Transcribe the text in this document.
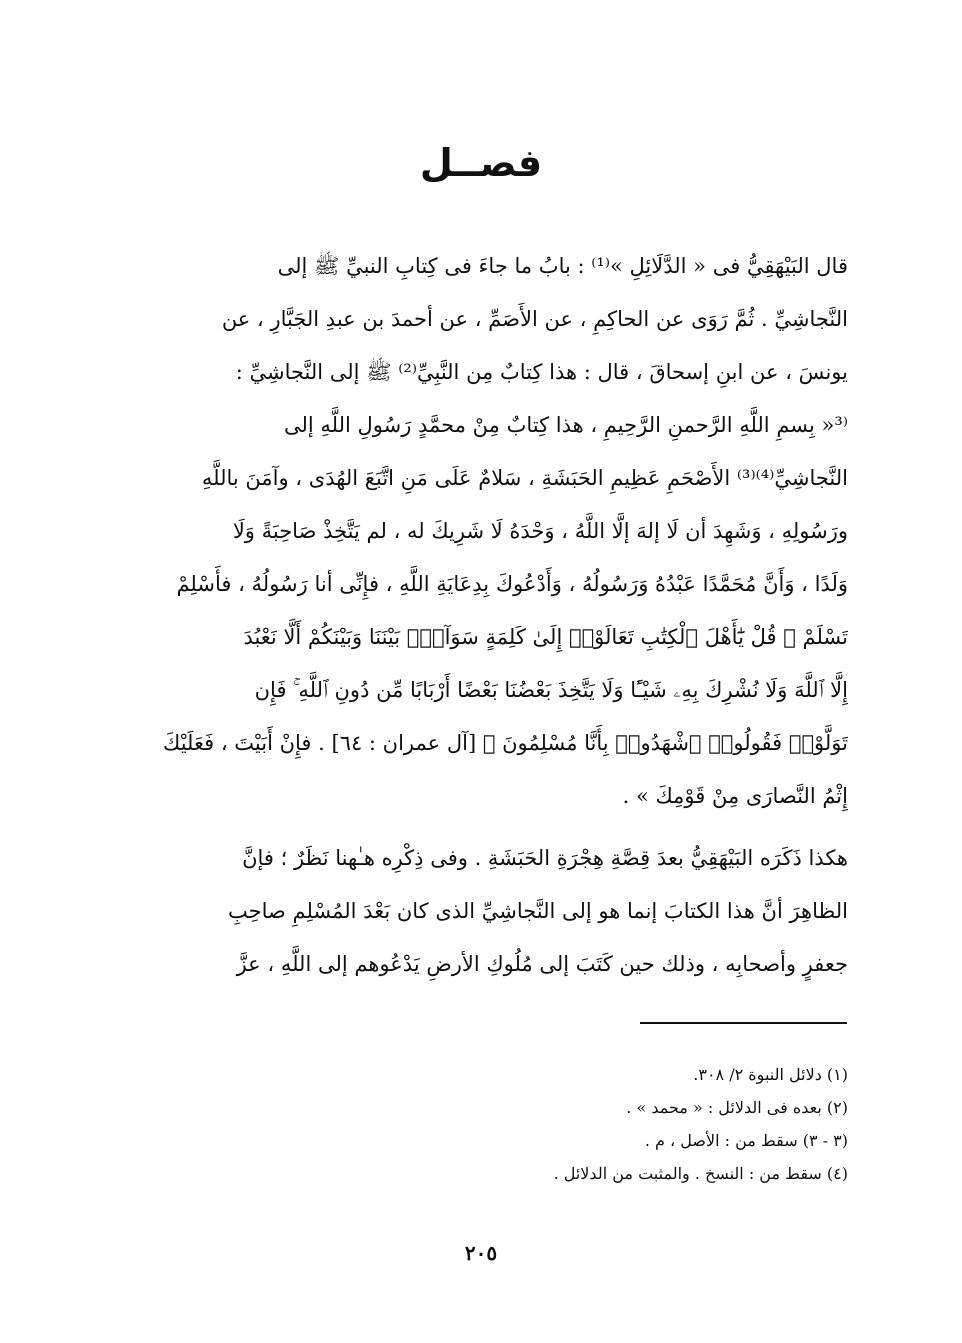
فصــل
قال البَيْهَقِيُّ فى « الدَّلَائِلِ »⁽¹⁾ : بابُ ما جاءَ فى كِتابِ النبيِّ ﷺ إلى
النَّجاشِيِّ . ثُمَّ رَوَى عن الحاكِمِ ، عن الأَصَمِّ ، عن أحمدَ بن عبدِ الجَبَّارِ ، عن
يونسَ ، عن ابنِ إسحاقَ ، قال : هذا كِتابٌ مِن النَّبِيِّ⁽²⁾ ﷺ إلى النَّجاشِيِّ :
⁽³« بِسمِ اللَّهِ الرَّحمنِ الرَّحِيمِ ، هذا كِتابٌ مِنْ محمَّدٍ رَسُولِ اللَّهِ إلى
النَّجاشِيِّ⁽⁴⁾⁽³⁾ الأَصْحَمِ عَظِيمِ الحَبَشَةِ ، سَلامٌ عَلَى مَنِ اتَّبَعَ الهُدَى ، وآمَنَ باللَّهِ
ورَسُولِهِ ، وَشَهِدَ أن لَا إلهَ إلَّا اللَّهُ ، وَحْدَهُ لَا شَرِيكَ له ، لم يَتَّخِذْ صَاحِبَةً وَلَا
وَلَدًا ، وَأَنَّ مُحَمَّدًا عَبْدُهُ وَرَسُولُهُ ، وَأَدْعُوكَ بِدِعَايَةِ اللَّهِ ، فإِنِّى أنا رَسُولُهُ ، فأَسْلِمْ
تَسْلَمْ ﴿ قُلْ يَٰٓأَهْلَ ٱلْكِتَٰبِ تَعَالَوْا۟ إِلَىٰ كَلِمَةٍ سَوَآءٍۭ بَيْنَنَا وَبَيْنَكُمْ أَلَّا نَعْبُدَ
إِلَّا ٱللَّهَ وَلَا نُشْرِكَ بِهِۦ شَيْـًٔا وَلَا يَتَّخِذَ بَعْضُنَا بَعْضًا أَرْبَابًا مِّن دُونِ ٱللَّهِ ۚ فَإِن
تَوَلَّوْا۟ فَقُولُوا۟ ٱشْهَدُوا۟ بِأَنَّا مُسْلِمُونَ ﴾ [آل عمران : ٦٤] . فإِنْ أَبَيْتَ ، فَعَلَيْكَ
إِثْمُ النَّصارَى مِنْ قَوْمِكَ » .
هكذا ذَكَرَه البَيْهَقِيُّ بعدَ قِصَّةِ هِجْرَةِ الحَبَشَةِ . وفى ذِكْرِه هـٰهنا نَظَرٌ ؛ فإنَّ
الظاهِرَ أنَّ هذا الكتابَ إنما هو إلى النَّجاشِيِّ الذى كان بَعْدَ المُسْلِمِ صاحِبِ
جعفرٍ وأصحابِه ، وذلك حين كَتَبَ إلى مُلُوكِ الأرضِ يَدْعُوهم إلى اللَّهِ ، عزَّ
(١) دلائل النبوة ٢/ ٣٠٨.
(٢) بعده فى الدلائل : « محمد » .
(٣ - ٣) سقط من : الأصل ، م .
(٤) سقط من : النسخ . والمثبت من الدلائل .
٢٠٥
